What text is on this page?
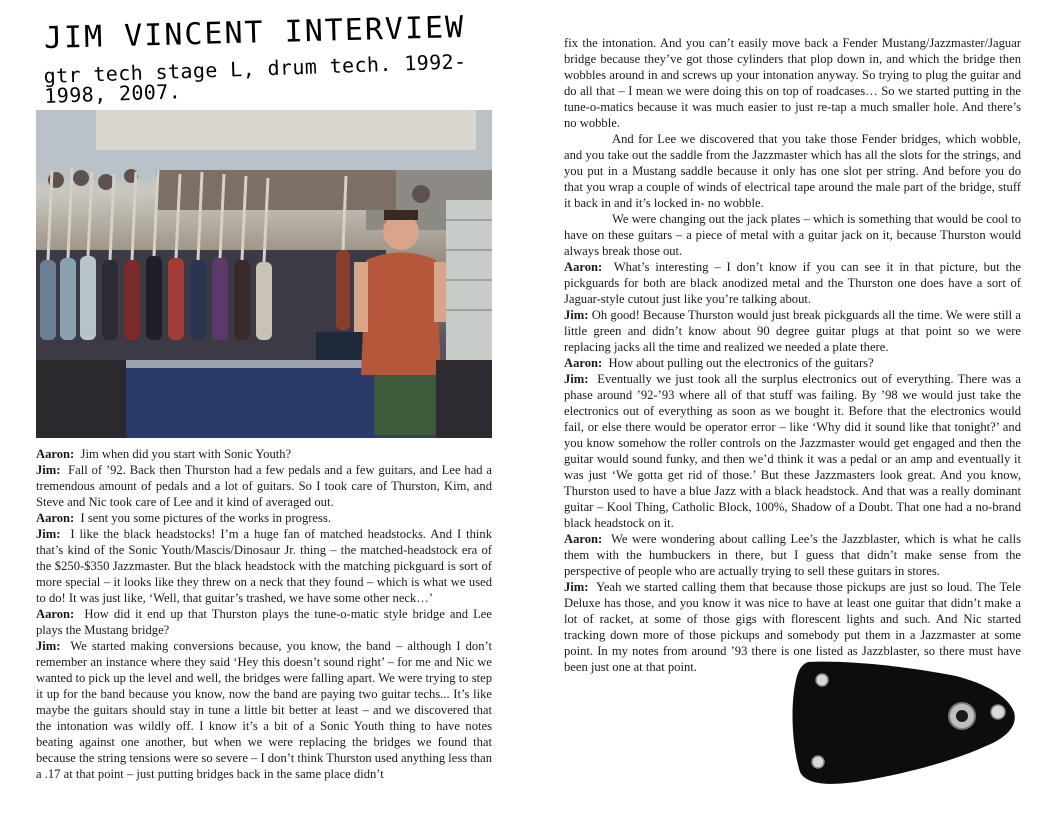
JIM VINCENT INTERVIEW
gtr tech stage L, drum tech. 1992-1998, 2007.

Aaron: Jim when did you start with Sonic Youth?

Jim: Fall of ’92. Back then Thurston had a few pedals and a few guitars, and Lee had a tremendous amount of pedals and a lot of guitars. So I took care of Thurston, Kim, and Steve and Nic took care of Lee and it kind of averaged out.

Aaron: I sent you some pictures of the works in progress.

Jim: I like the black headstocks! I’m a huge fan of matched headstocks. And I think that’s kind of the Sonic Youth/Mascis/Dinosaur Jr. thing – the matched-headstock era of the $250-$350 Jazzmaster. But the black headstock with the matching pickguard is sort of more special – it looks like they threw on a neck that they found – which is what we used to do! It was just like, ‘Well, that guitar’s trashed, we have some other neck…’

Aaron: How did it end up that Thurston plays the tune-o-matic style bridge and Lee plays the Mustang bridge?

Jim: We started making conversions because, you know, the band – although I don’t remember an instance where they said ‘Hey this doesn’t sound right’ – for me and Nic we wanted to pick up the level and well, the bridges were falling apart. We were trying to step it up for the band because you know, now the band are paying two guitar techs... It’s like maybe the guitars should stay in tune a little bit better at least – and we discovered that the intonation was wildly off. I know it’s a bit of a Sonic Youth thing to have notes beating against one another, but when we were replacing the bridges we found that because the string tensions were so severe – I don’t think Thurston used anything less than a .17 at that point – just putting bridges back in the same place didn’t

fix the intonation. And you can’t easily move back a Fender Mustang/Jazzmaster/Jaguar bridge because they’ve got those cylinders that plop down in, and which the bridge then wobbles around in and screws up your intonation anyway. So trying to plug the guitar and do all that – I mean we were doing this on top of roadcases… So we started putting in the tune-o-matics because it was much easier to just re-tap a much smaller hole. And there’s no wobble.

And for Lee we discovered that you take those Fender bridges, which wobble, and you take out the saddle from the Jazzmaster which has all the slots for the strings, and you put in a Mustang saddle because it only has one slot per string. And before you do that you wrap a couple of winds of electrical tape around the male part of the bridge, stuff it back in and it’s locked in- no wobble.

We were changing out the jack plates – which is something that would be cool to have on these guitars – a piece of metal with a guitar jack on it, because Thurston would always break those out.

Aaron: What’s interesting – I don’t know if you can see it in that picture, but the pickguards for both are black anodized metal and the Thurston one does have a sort of Jaguar-style cutout just like you’re talking about.

Jim: Oh good! Because Thurston would just break pickguards all the time. We were still a little green and didn’t know about 90 degree guitar plugs at that point so we were replacing jacks all the time and realized we needed a plate there.

Aaron: How about pulling out the electronics of the guitars?

Jim: Eventually we just took all the surplus electronics out of everything. There was a phase around ’92-’93 where all of that stuff was failing. By ’98 we would just take the electronics out of everything as soon as we bought it. Before that the electronics would fail, or else there would be operator error – like ‘Why did it sound like that tonight?’ and you know somehow the roller controls on the Jazzmaster would get engaged and then the guitar would sound funky, and then we’d think it was a pedal or an amp and eventually it was just ‘We gotta get rid of those.’ But these Jazzmasters look great. And you know, Thurston used to have a blue Jazz with a black headstock. And that was a really dominant guitar – Kool Thing, Catholic Block, 100%, Shadow of a Doubt. That one had a no-brand black headstock on it.

Aaron: We were wondering about calling Lee’s the Jazzblaster, which is what he calls them with the humbuckers in there, but I guess that didn’t make sense from the perspective of people who are actually trying to sell these guitars in stores.

Jim: Yeah we started calling them that because those pickups are just so loud. The Tele Deluxe has those, and you know it was nice to have at least one guitar that didn’t make a lot of racket, at some of those gigs with florescent lights and such. And Nic started tracking down more of those pickups and somebody put them in a Jazzmaster at some point. In my notes from around ’93 there is one listed as Jazzblaster, so there must have been just one at that point.
